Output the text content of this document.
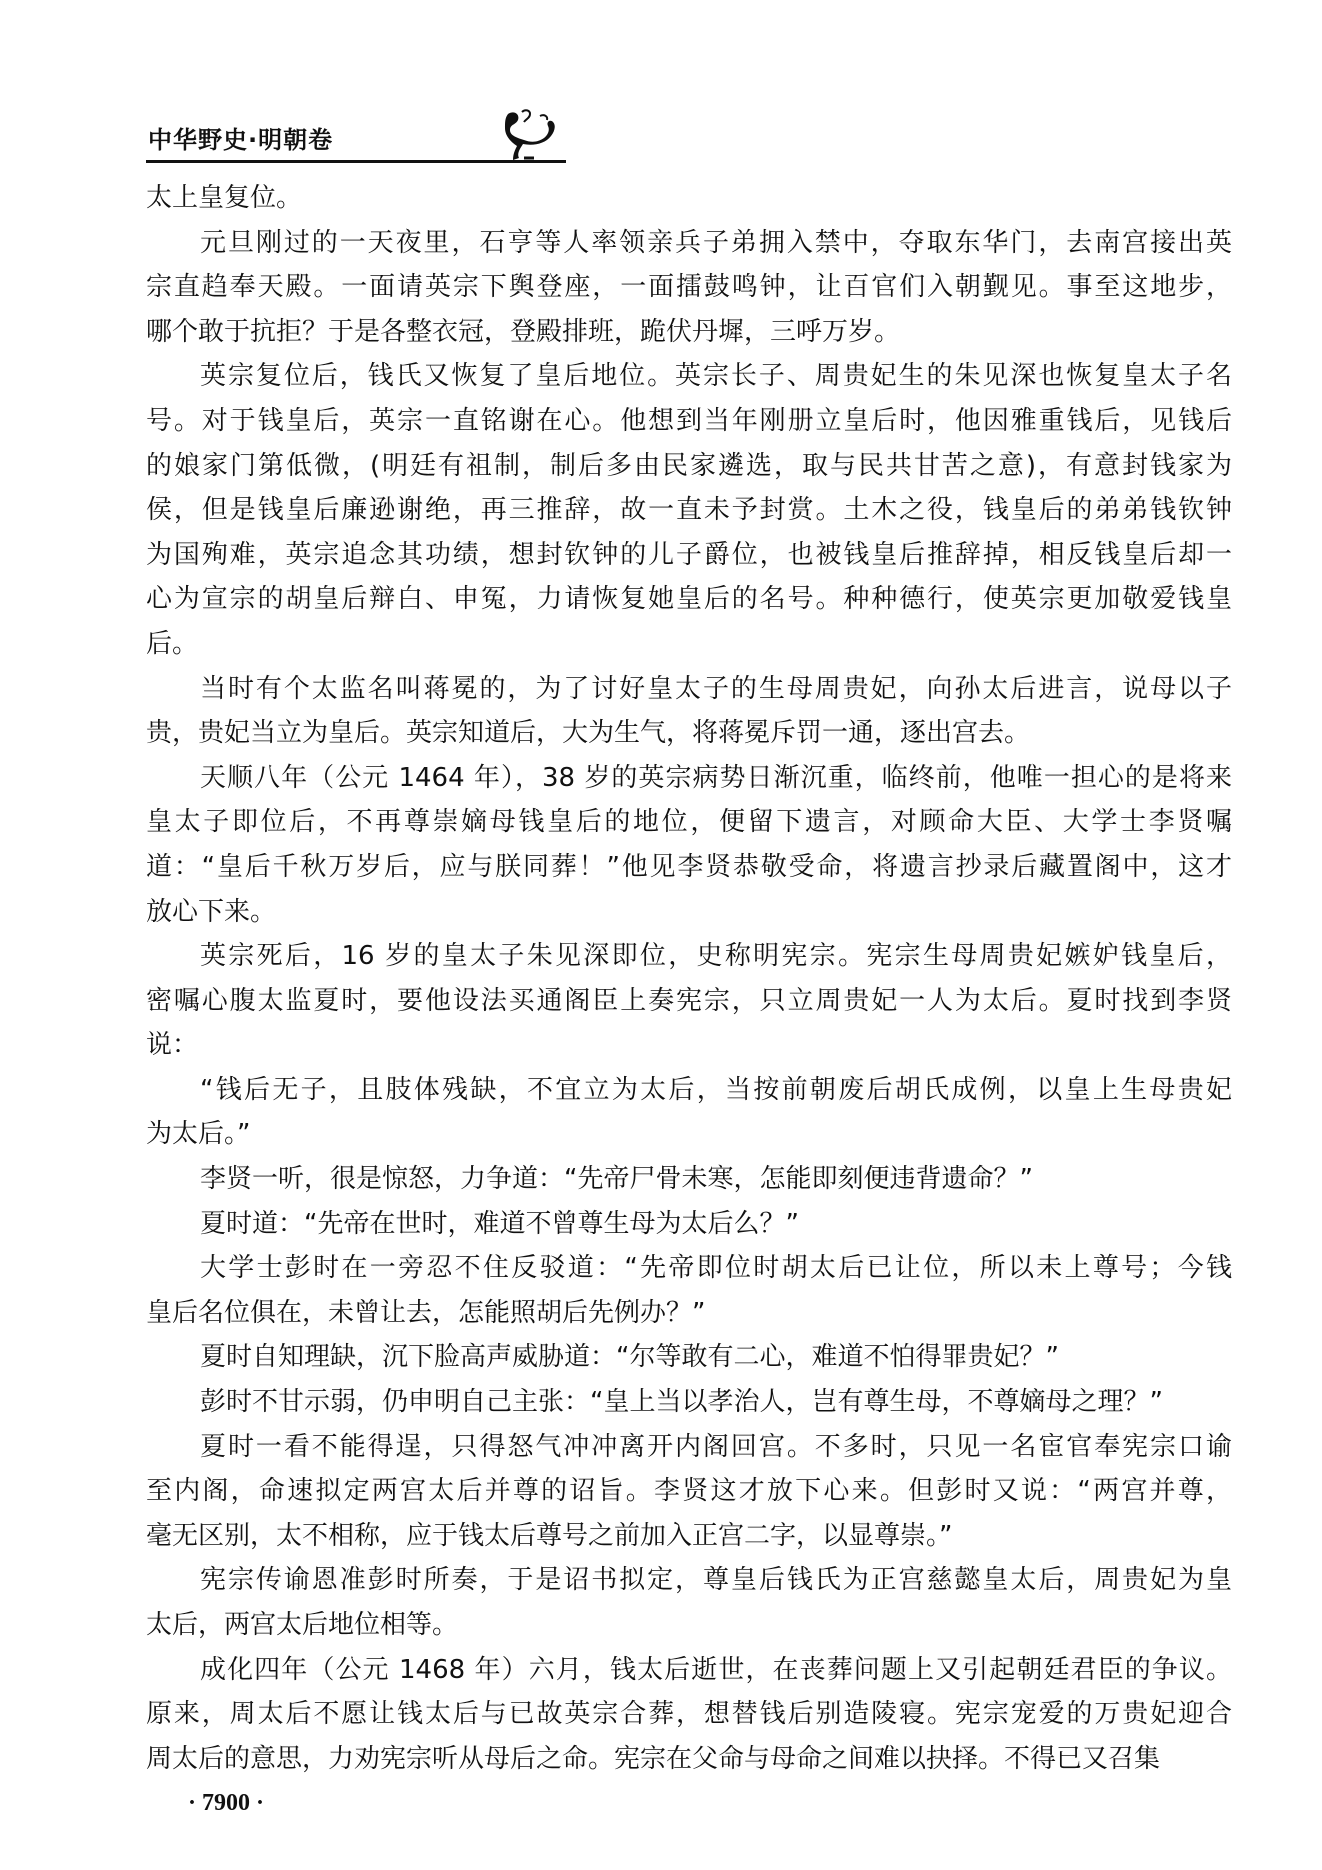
中华野史·明朝卷
太上皇复位。
元旦刚过的一天夜里，石亨等人率领亲兵子弟拥入禁中，夺取东华门，去南宫接出英
宗直趋奉天殿。一面请英宗下舆登座，一面擂鼓鸣钟，让百官们入朝觐见。事至这地步，
哪个敢于抗拒？于是各整衣冠，登殿排班，跪伏丹墀，三呼万岁。
英宗复位后，钱氏又恢复了皇后地位。英宗长子、周贵妃生的朱见深也恢复皇太子名
号。对于钱皇后，英宗一直铭谢在心。他想到当年刚册立皇后时，他因雅重钱后，见钱后
的娘家门第低微，(明廷有祖制，制后多由民家遴选，取与民共甘苦之意)，有意封钱家为
侯，但是钱皇后廉逊谢绝，再三推辞，故一直未予封赏。土木之役，钱皇后的弟弟钱钦钟
为国殉难，英宗追念其功绩，想封钦钟的儿子爵位，也被钱皇后推辞掉，相反钱皇后却一
心为宣宗的胡皇后辩白、申冤，力请恢复她皇后的名号。种种德行，使英宗更加敬爱钱皇
后。
当时有个太监名叫蒋冕的，为了讨好皇太子的生母周贵妃，向孙太后进言，说母以子
贵，贵妃当立为皇后。英宗知道后，大为生气，将蒋冕斥罚一通，逐出宫去。
天顺八年（公元 1464 年），38 岁的英宗病势日渐沉重，临终前，他唯一担心的是将来
皇太子即位后，不再尊崇嫡母钱皇后的地位，便留下遗言，对顾命大臣、大学士李贤嘱
道：“皇后千秋万岁后，应与朕同葬！”他见李贤恭敬受命，将遗言抄录后藏置阁中，这才
放心下来。
英宗死后，16 岁的皇太子朱见深即位，史称明宪宗。宪宗生母周贵妃嫉妒钱皇后，
密嘱心腹太监夏时，要他设法买通阁臣上奏宪宗，只立周贵妃一人为太后。夏时找到李贤
说：
“钱后无子，且肢体残缺，不宜立为太后，当按前朝废后胡氏成例，以皇上生母贵妃
为太后。”
李贤一听，很是惊怒，力争道：“先帝尸骨未寒，怎能即刻便违背遗命？”
夏时道：“先帝在世时，难道不曾尊生母为太后么？”
大学士彭时在一旁忍不住反驳道：“先帝即位时胡太后已让位，所以未上尊号；今钱
皇后名位俱在，未曾让去，怎能照胡后先例办？”
夏时自知理缺，沉下脸高声威胁道：“尔等敢有二心，难道不怕得罪贵妃？”
彭时不甘示弱，仍申明自己主张：“皇上当以孝治人，岂有尊生母，不尊嫡母之理？”
夏时一看不能得逞，只得怒气冲冲离开内阁回宫。不多时，只见一名宦官奉宪宗口谕
至内阁，命速拟定两宫太后并尊的诏旨。李贤这才放下心来。但彭时又说：“两宫并尊，
毫无区别，太不相称，应于钱太后尊号之前加入正宫二字，以显尊崇。”
宪宗传谕恩准彭时所奏，于是诏书拟定，尊皇后钱氏为正宫慈懿皇太后，周贵妃为皇
太后，两宫太后地位相等。
成化四年（公元 1468 年）六月，钱太后逝世，在丧葬问题上又引起朝廷君臣的争议。
原来，周太后不愿让钱太后与已故英宗合葬，想替钱后别造陵寝。宪宗宠爱的万贵妃迎合
周太后的意思，力劝宪宗听从母后之命。宪宗在父命与母命之间难以抉择。不得已又召集
· 7900 ·
